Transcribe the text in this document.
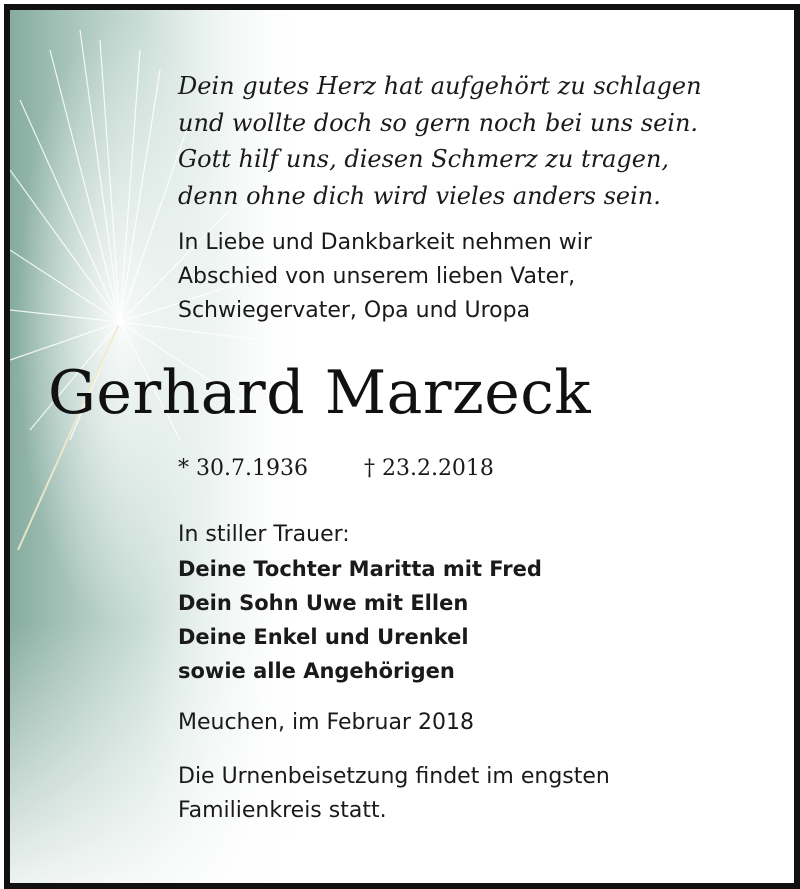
Dein gutes Herz hat aufgehört zu schlagen
und wollte doch so gern noch bei uns sein.
Gott hilf uns, diesen Schmerz zu tragen,
denn ohne dich wird vieles anders sein.
In Liebe und Dankbarkeit nehmen wir
Abschied von unserem lieben Vater,
Schwiegervater, Opa und Uropa
Gerhard Marzeck
* 30.7.1936	† 23.2.2018
In stiller Trauer:
Deine Tochter Maritta mit Fred
Dein Sohn Uwe mit Ellen
Deine Enkel und Urenkel
sowie alle Angehörigen
Meuchen, im Februar 2018
Die Urnenbeisetzung findet im engsten
Familienkreis statt.
